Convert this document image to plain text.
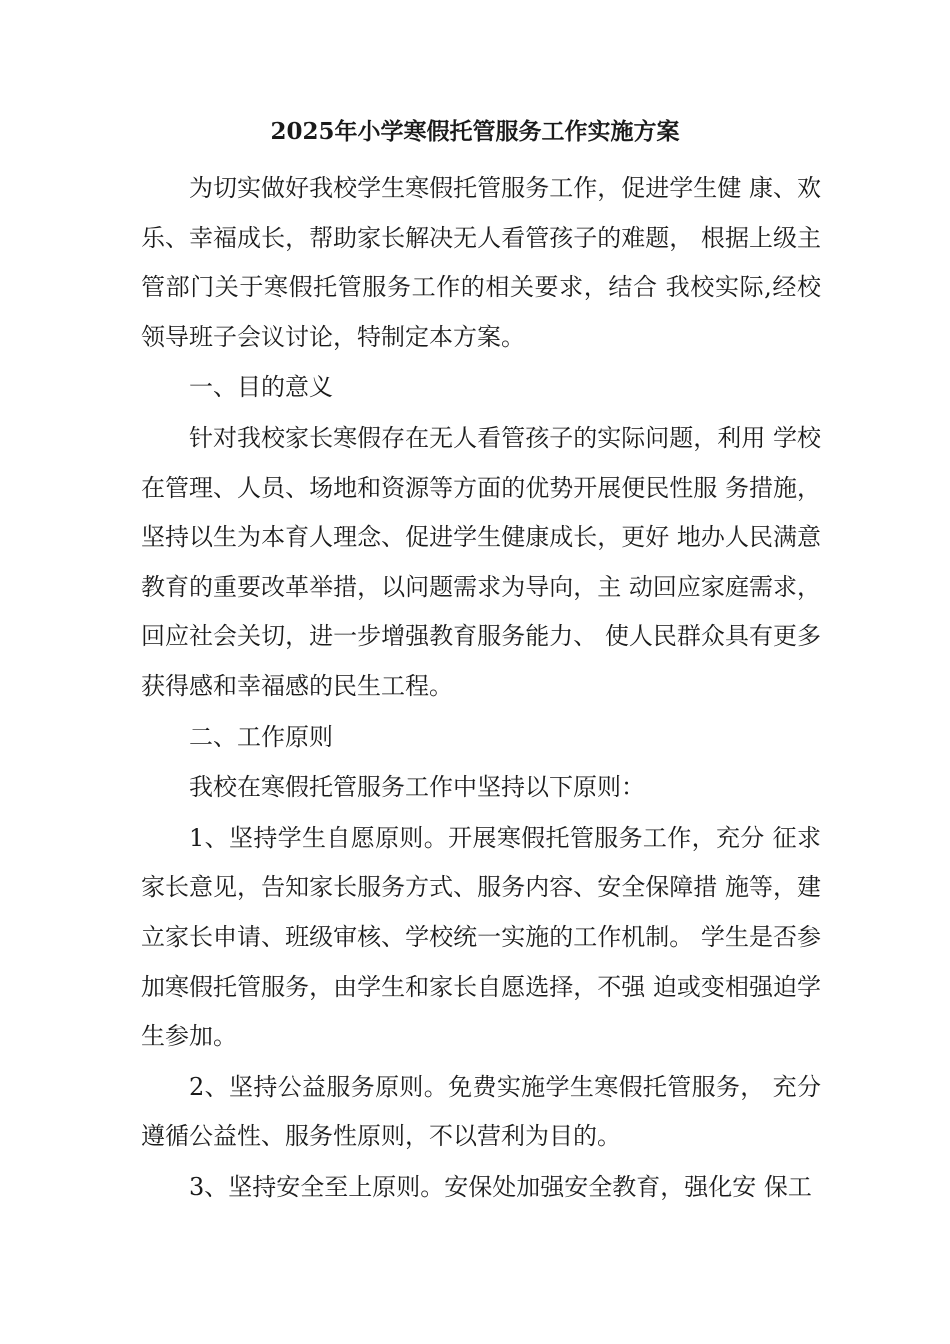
2025年小学寒假托管服务工作实施方案

为切实做好我校学生寒假托管服务工作，促进学生健 康、欢乐、幸福成长，帮助家长解决无人看管孩子的难题， 根据上级主管部门关于寒假托管服务工作的相关要求，结合 我校实际,经校领导班子会议讨论，特制定本方案。

一、目的意义

针对我校家长寒假存在无人看管孩子的实际问题，利用 学校在管理、人员、场地和资源等方面的优势开展便民性服 务措施，坚持以生为本育人理念、促进学生健康成长，更好 地办人民满意教育的重要改革举措，以问题需求为导向，主 动回应家庭需求，回应社会关切，进一步增强教育服务能力、 使人民群众具有更多获得感和幸福感的民生工程。

二、工作原则

我校在寒假托管服务工作中坚持以下原则：

1、坚持学生自愿原则。开展寒假托管服务工作，充分 征求家长意见，告知家长服务方式、服务内容、安全保障措 施等，建立家长申请、班级审核、学校统一实施的工作机制。 学生是否参加寒假托管服务，由学生和家长自愿选择，不强 迫或变相强迫学生参加。

2、坚持公益服务原则。免费实施学生寒假托管服务， 充分遵循公益性、服务性原则，不以营利为目的。

3、坚持安全至上原则。安保处加强安全教育，强化安 保工
